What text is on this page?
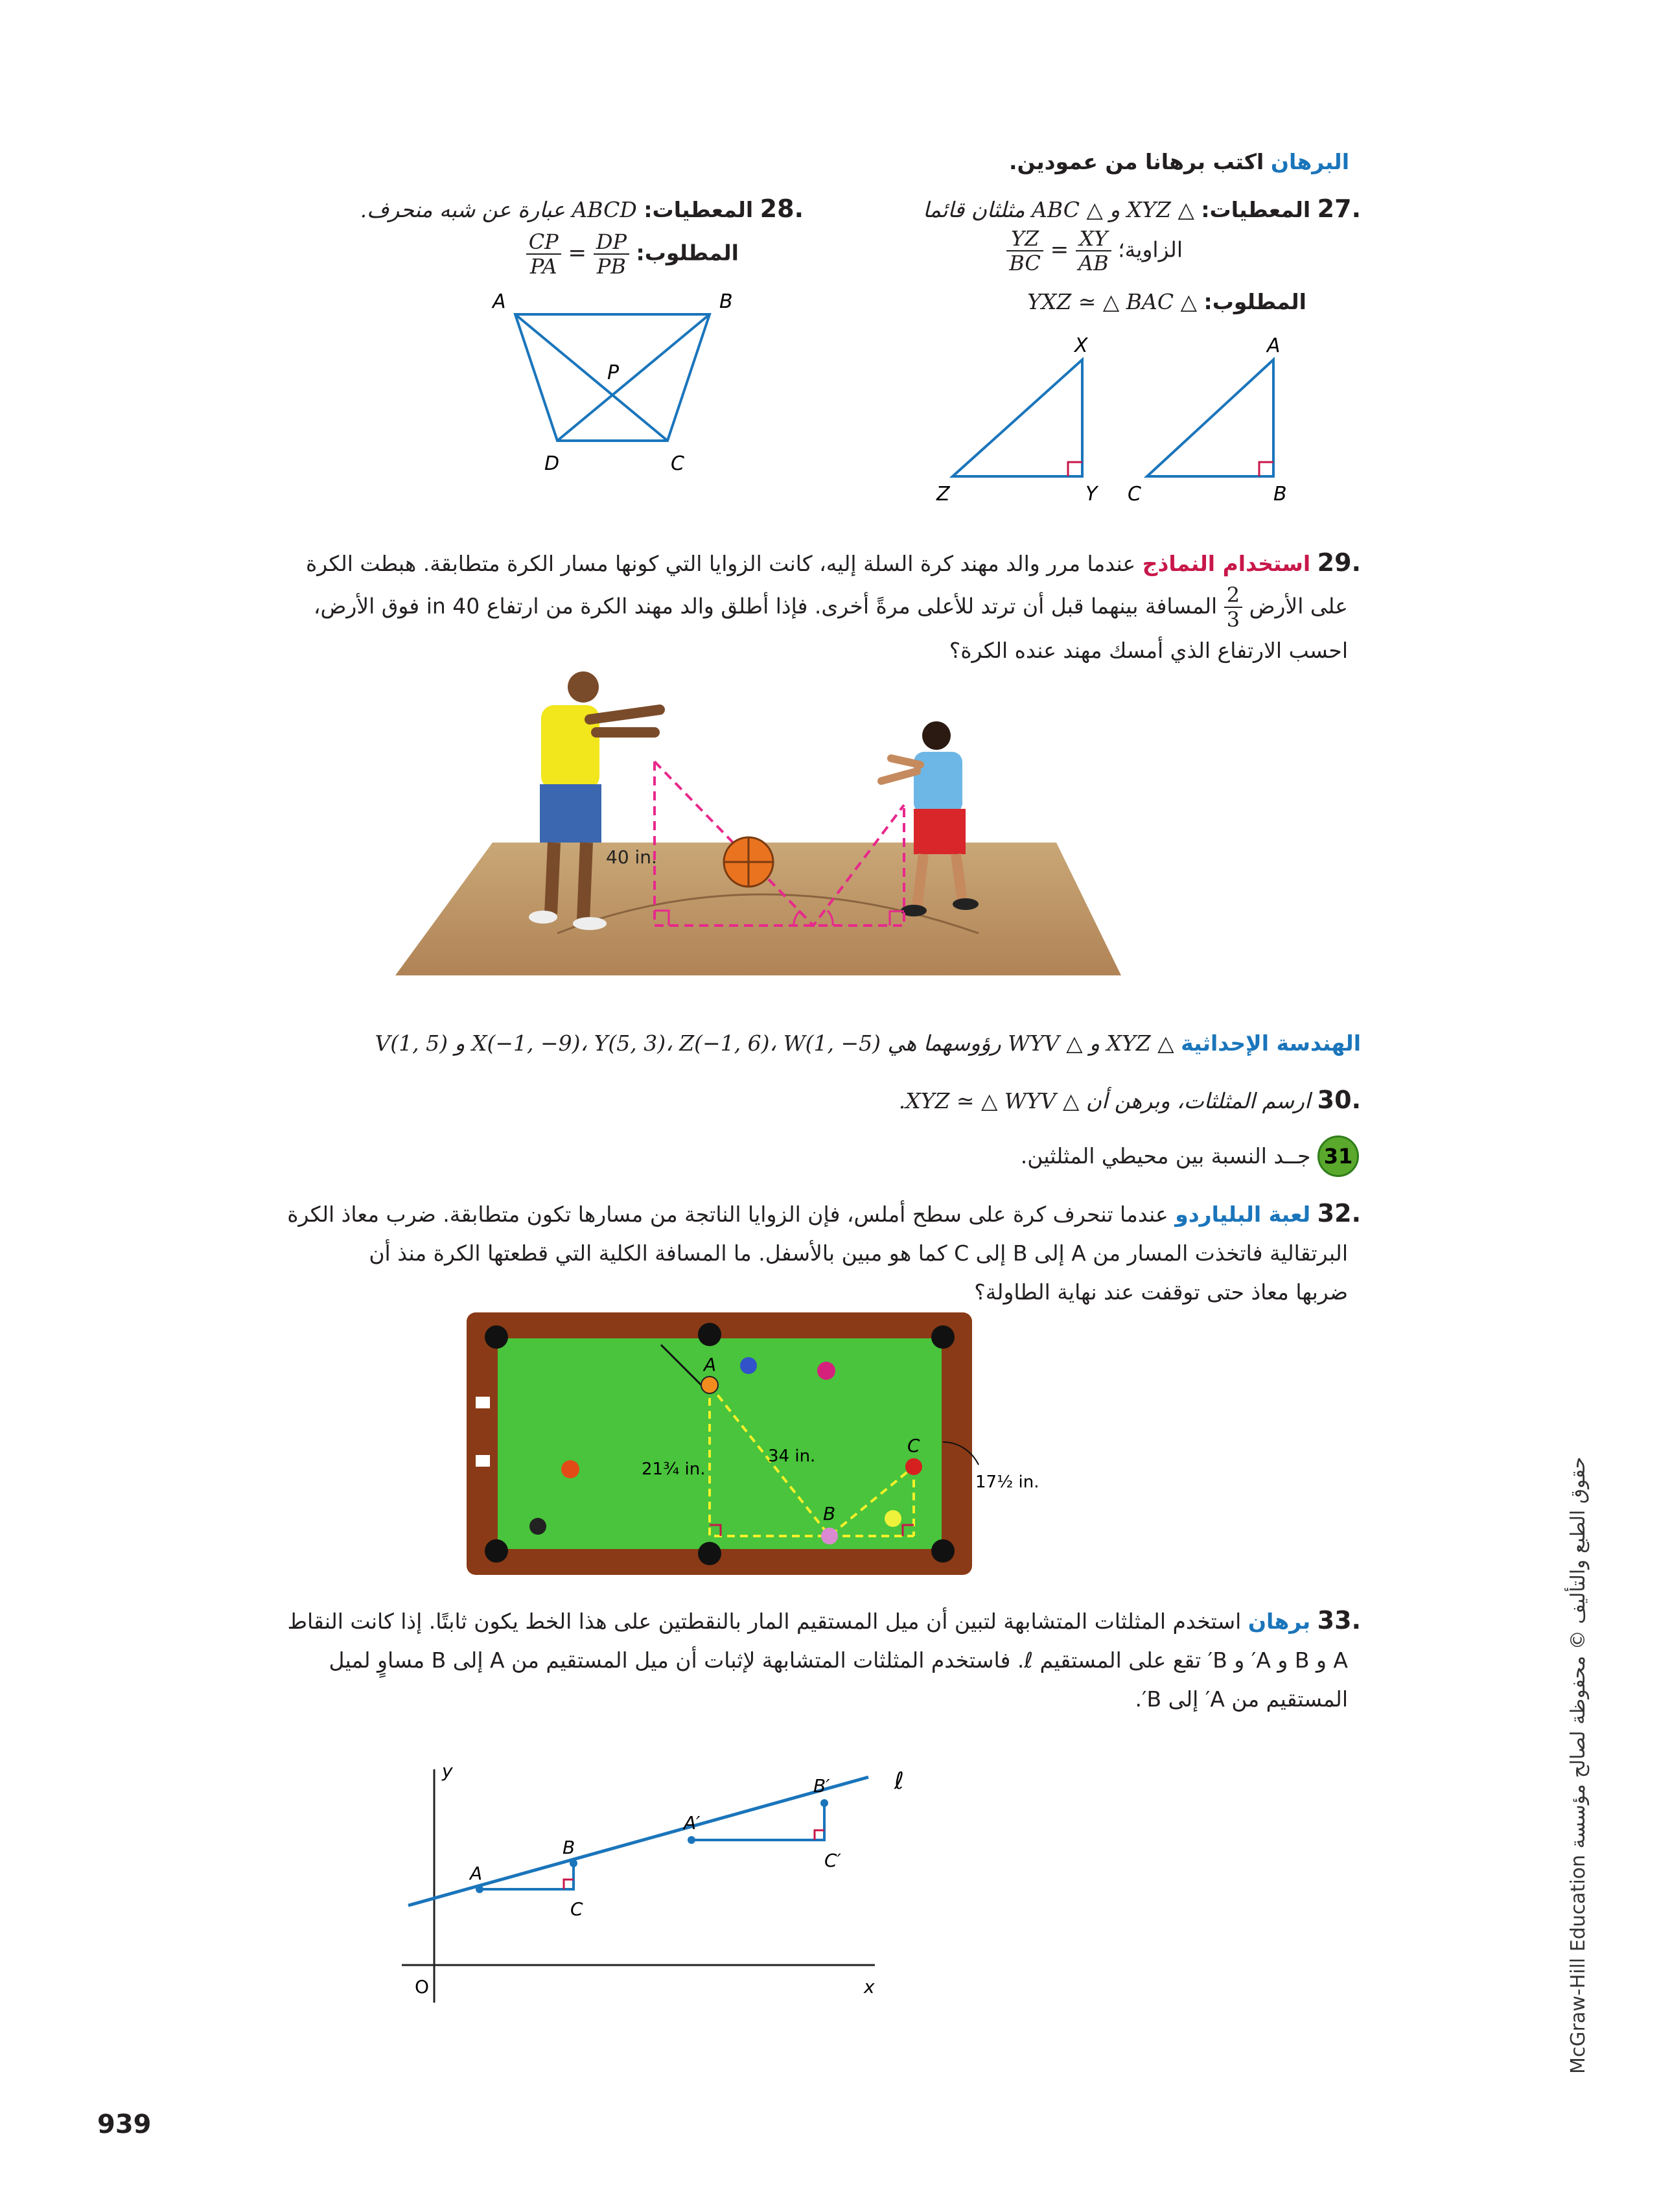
البرهان اكتب برهانا من عمودين.
.27 المعطيات: △ XYZ و △ ABC مثلثان قائما
الزاوية؛
$\frac{XY}{AB}$
=
$\frac{YZ}{BC}$
المطلوب: △ YXZ ≃ △ BAC
X
Y
Z
A
B
C
.28 المعطيات: ABCD عبارة عن شبه منحرف.
المطلوب:
$\frac{DP}{PB}$
=
$\frac{CP}{PA}$
A	B
C
D
P
.29 استخدام النماذج عندما مرر والد مهند كرة السلة إليه، كانت الزوايا التي كونها مسار الكرة متطابقة. هبطت الكرة
على الأرض
$\frac{2}{3}$
المسافة بينهما قبل أن ترتد للأعلى مرةً أخرى. فإذا أطلق والد مهند الكرة من ارتفاع 40 in فوق الأرض،
احسب الارتفاع الذي أمسك مهند عنده الكرة؟
40 in.
الهندسة الإحداثية △ XYZ و △ WYV رؤوسهما هي X(−1, −9)، Y(5, 3)، Z(−1, 6)، W(1, −5) و V(1, 5)
.30 ارسم المثلثات، وبرهن أن △ XYZ ≃ △ WYV.
31 جــد النسبة بين محيطي المثلثين.
.32 لعبة البلياردو عندما تنحرف كرة على سطح أملس، فإن الزوايا الناتجة من مسارها تكون متطابقة. ضرب معاذ الكرة
البرتقالية فاتخذت المسار من A إلى B إلى C كما هو مبين بالأسفل. ما المسافة الكلية التي قطعتها الكرة منذ أن
ضربها معاذ حتى توقفت عند نهاية الطاولة؟
A
B
C
21¾ in.
34 in.
17½ in.
.33 برهان استخدم المثلثات المتشابهة لتبين أن ميل المستقيم المار بالنقطتين على هذا الخط يكون ثابتًا. إذا كانت النقاط
A و B و A′ و B′ تقع على المستقيم ℓ. فاستخدم المثلثات المتشابهة لإثبات أن ميل المستقيم من A إلى B مساوٍ لميل
المستقيم من A′ إلى B′.
y
x
O
A
B
C
A′
B′
C′
ℓ
939
حقوق الطبع والتأليف © محفوظة لصالح مؤسسة McGraw-Hill Education
